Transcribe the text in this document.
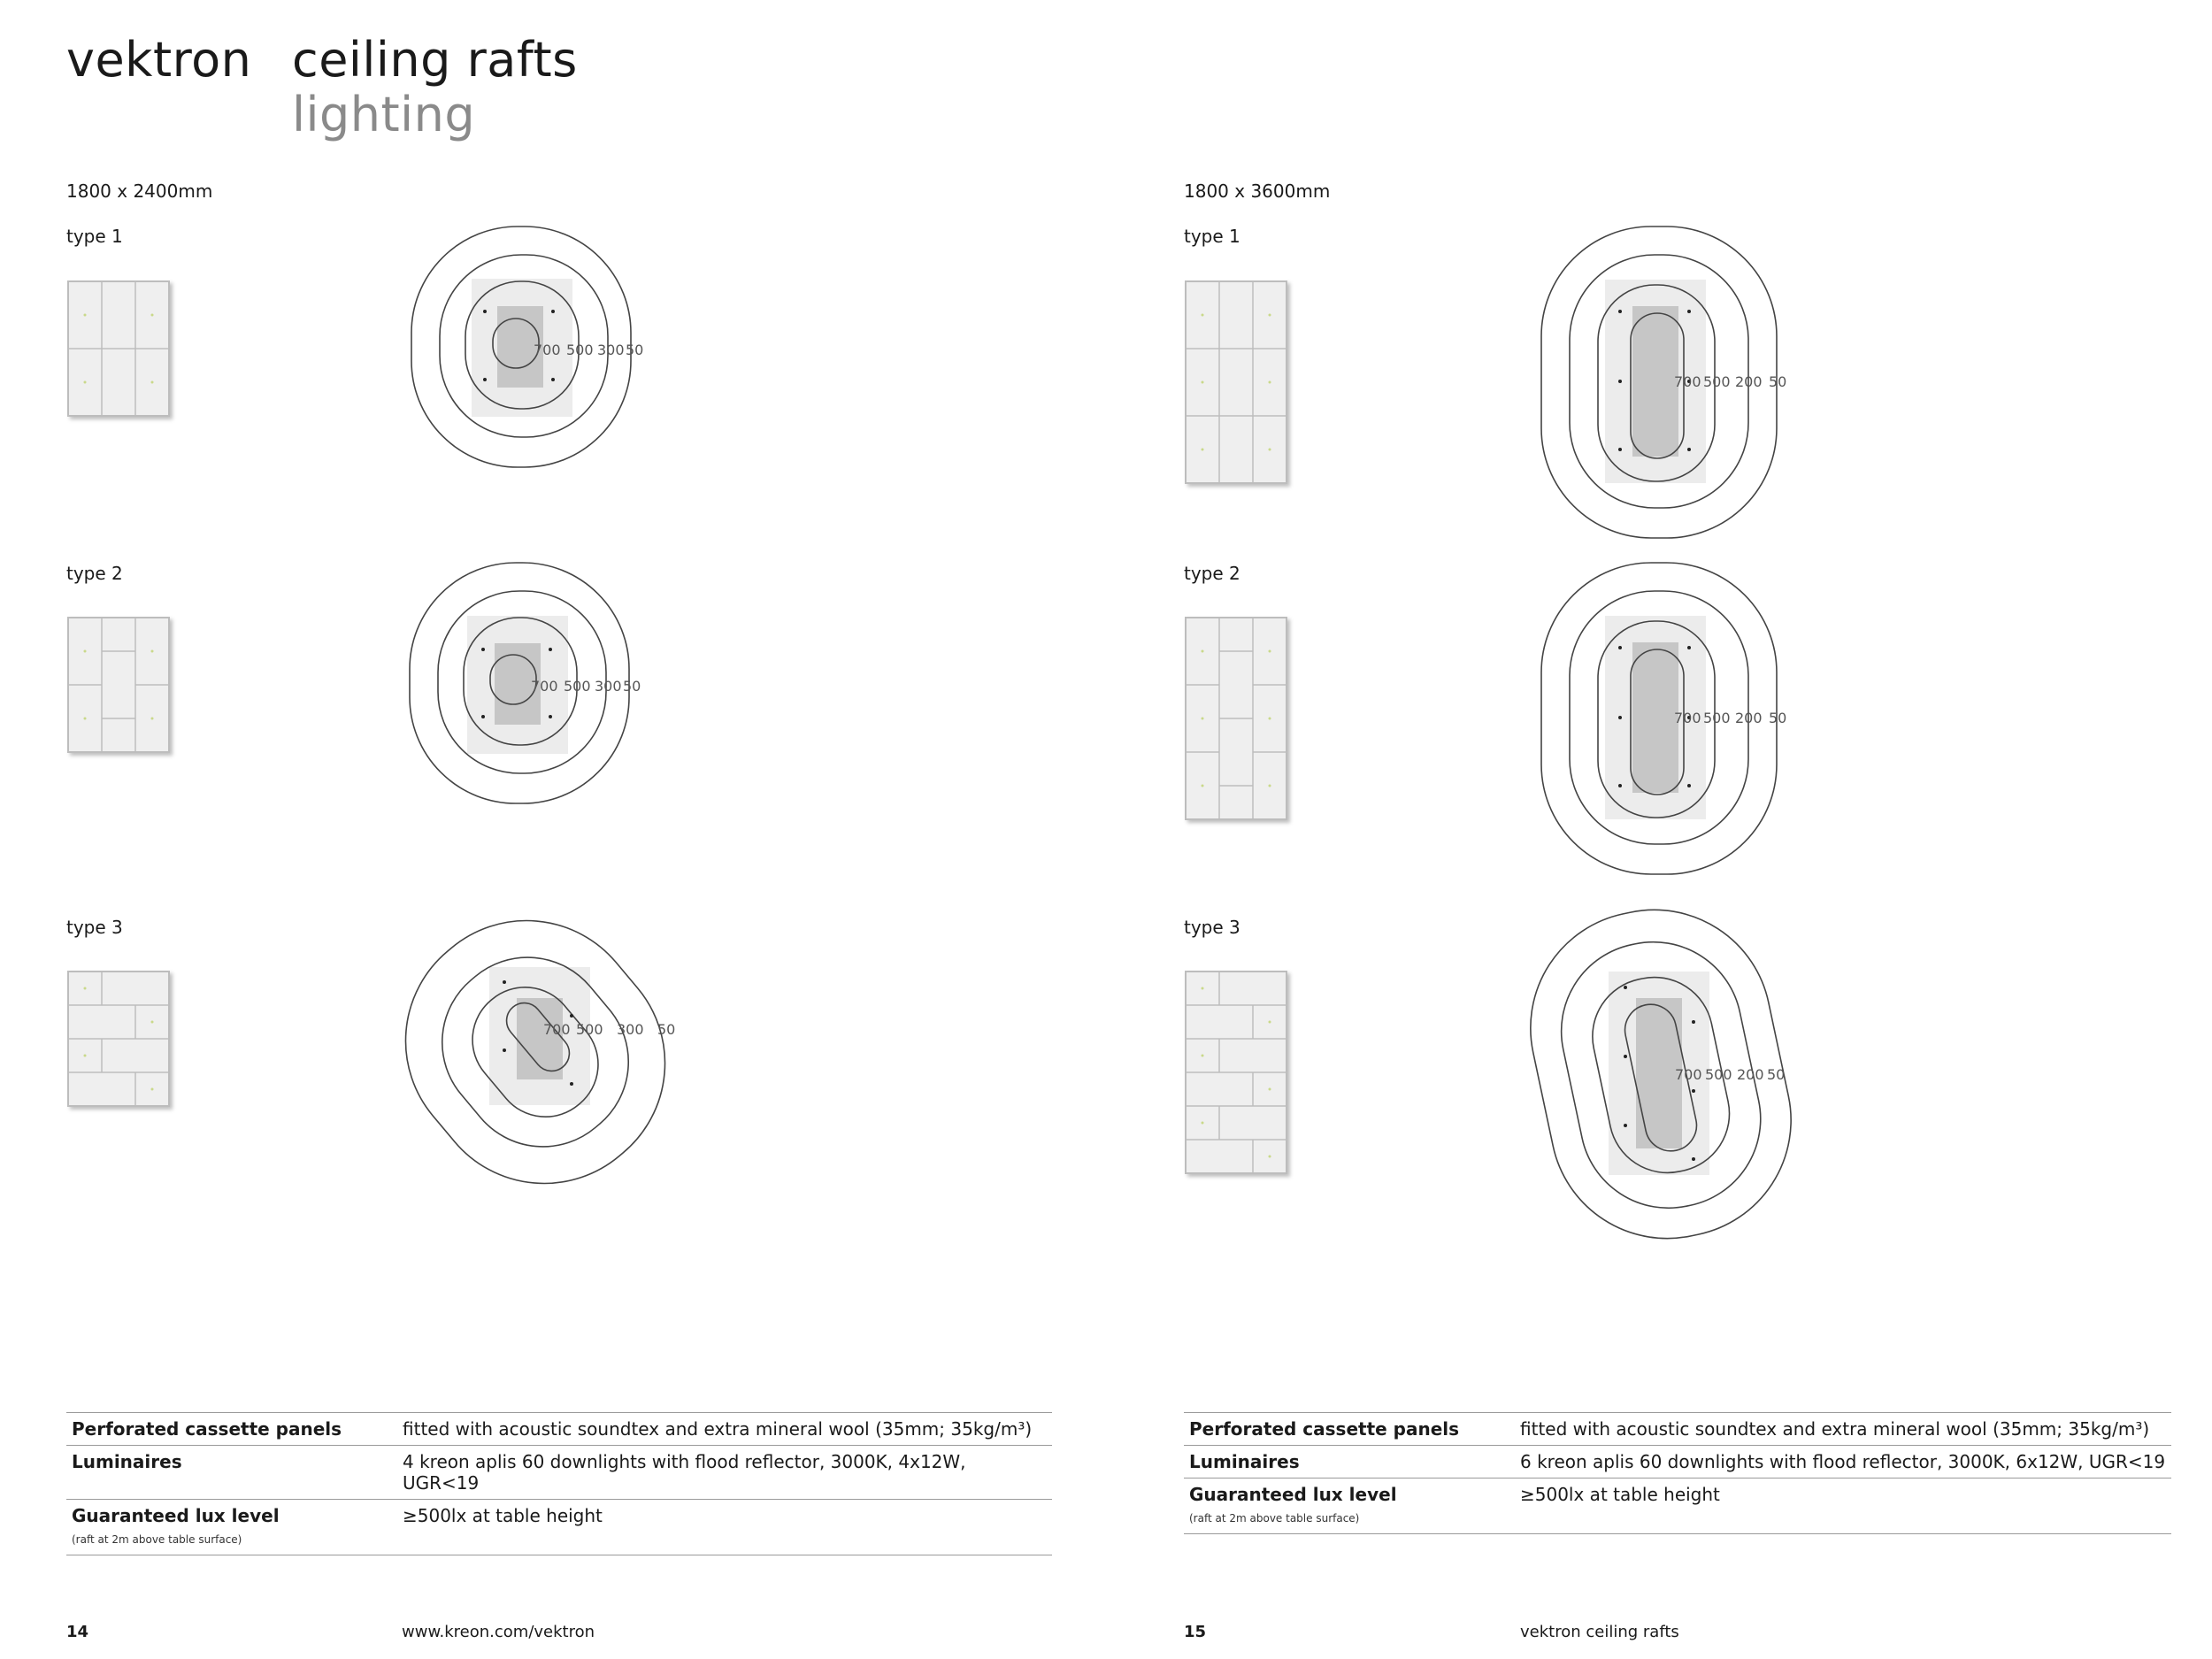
vektron ceiling rafts
lighting
1800 x 2400mm	1800 x 3600mm
type 1
type 2
type 3
type 1
type 2
type 3
700 500 300 50
700 500 300 50
700 500 300 50
700 500 200 50
700 500 200 50
700 500 200 50
Perforated cassette panels	fitted with acoustic soundtex and extra mineral wool (35mm; 35kg/m³)
Luminaires	4 kreon aplis 60 downlights with flood reflector, 3000K, 4x12W, UGR<19
Guaranteed lux level
(raft at 2m above table surface)	≥500lx at table height
Perforated cassette panels	fitted with acoustic soundtex and extra mineral wool (35mm; 35kg/m³)
Luminaires	6 kreon aplis 60 downlights with flood reflector, 3000K, 6x12W, UGR<19
Guaranteed lux level
(raft at 2m above table surface)	≥500lx at table height
14	www.kreon.com/vektron	15	vektron ceiling rafts
